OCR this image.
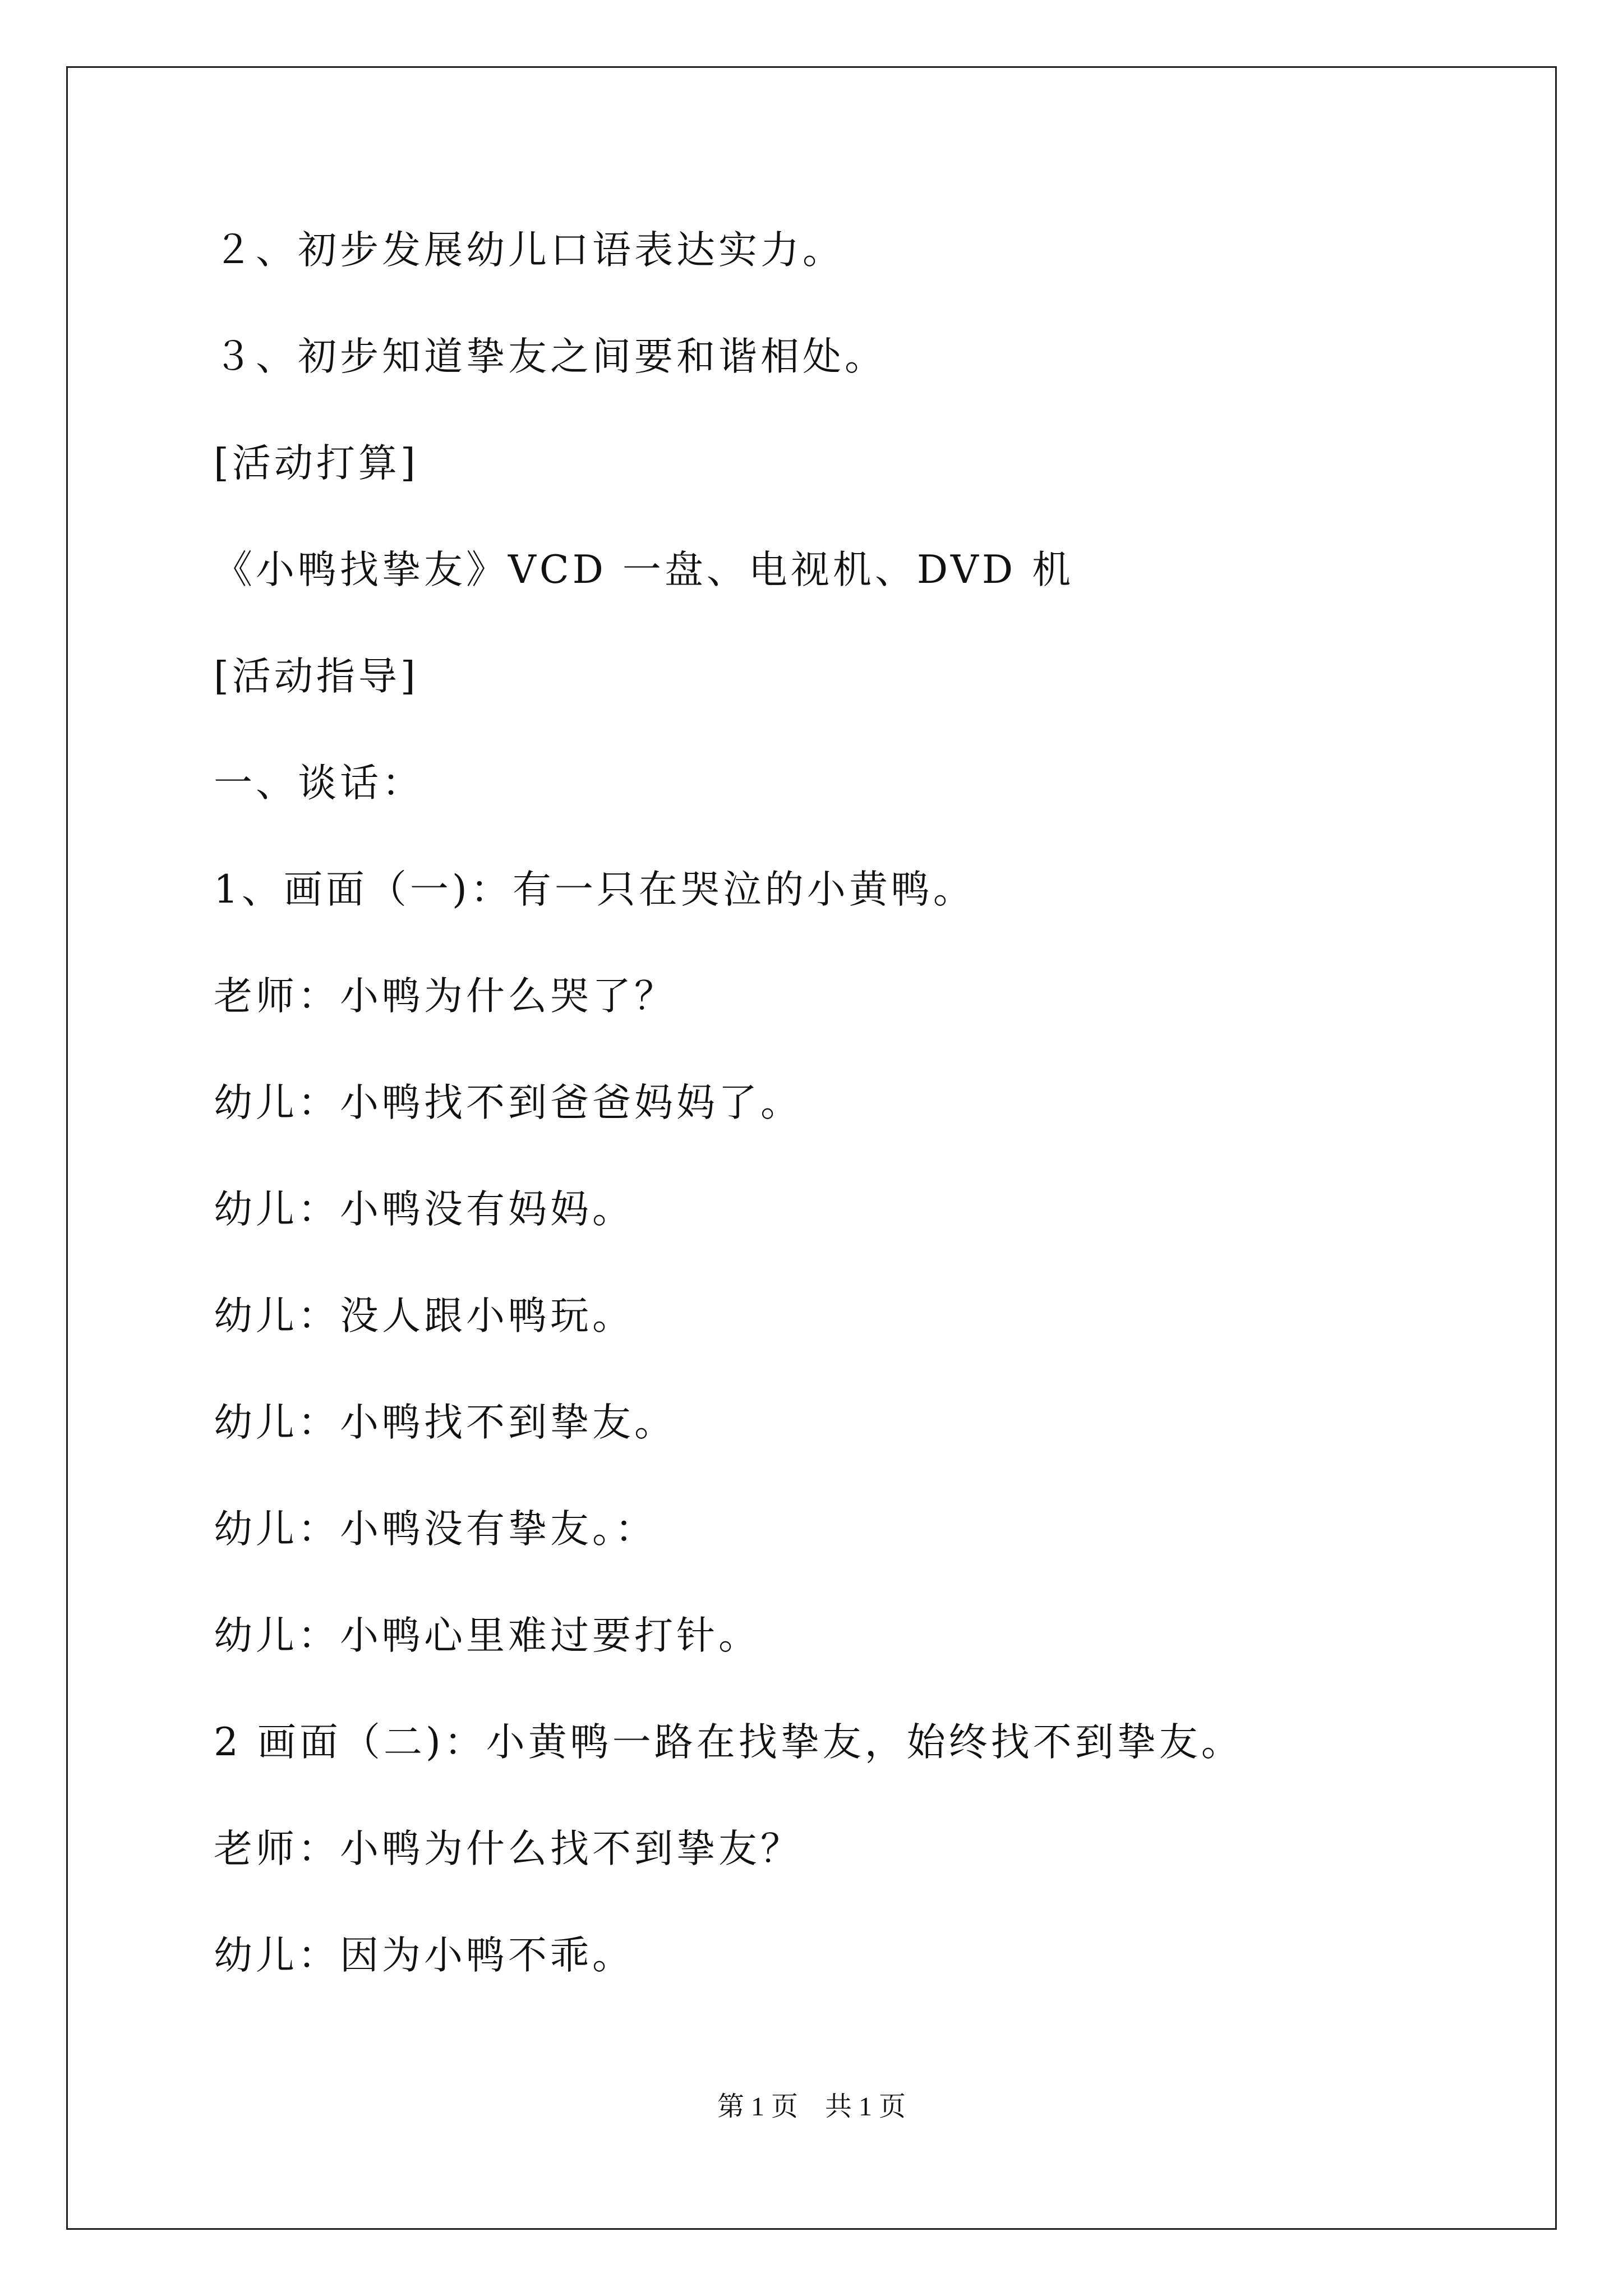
２、初步发展幼儿口语表达实力。
３、初步知道挚友之间要和谐相处。
[活动打算]
《小鸭找挚友》VCD 一盘、电视机、DVD 机
[活动指导]
一、谈话：
1、画面（一)：有一只在哭泣的小黄鸭。
老师：小鸭为什么哭了？
幼儿：小鸭找不到爸爸妈妈了。
幼儿：小鸭没有妈妈。
幼儿：没人跟小鸭玩。
幼儿：小鸭找不到挚友。
幼儿：小鸭没有挚友。：
幼儿：小鸭心里难过要打针。
2 画面（二)：小黄鸭一路在找挚友，始终找不到挚友。
老师：小鸭为什么找不到挚友？
幼儿：因为小鸭不乖。
第 1 页　共 1 页
